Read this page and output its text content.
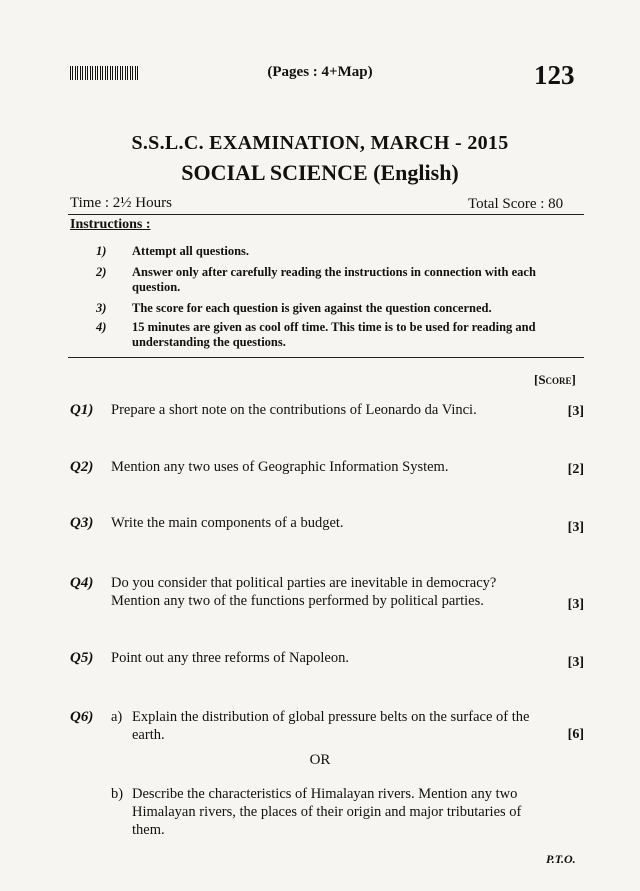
(Pages : 4+Map)	123
S.S.L.C. EXAMINATION, MARCH - 2015
SOCIAL SCIENCE (English)
Time : 2½ Hours	Total Score : 80
Instructions :
1)	Attempt all questions.
2)	Answer only after carefully reading the instructions in connection with each question.
3)	The score for each question is given against the question concerned.
4)	15 minutes are given as cool off time. This time is to be used for reading and understanding the questions.
[Score]
Q1) Prepare a short note on the contributions of Leonardo da Vinci.	[3]
Q2) Mention any two uses of Geographic Information System.	[2]
Q3) Write the main components of a budget.	[3]
Q4) Do you consider that political parties are inevitable in democracy? Mention any two of the functions performed by political parties.	[3]
Q5) Point out any three reforms of Napoleon.	[3]
Q6) a) Explain the distribution of global pressure belts on the surface of the earth.	[6]
OR
b) Describe the characteristics of Himalayan rivers. Mention any two Himalayan rivers, the places of their origin and major tributaries of them.
P.T.O.
